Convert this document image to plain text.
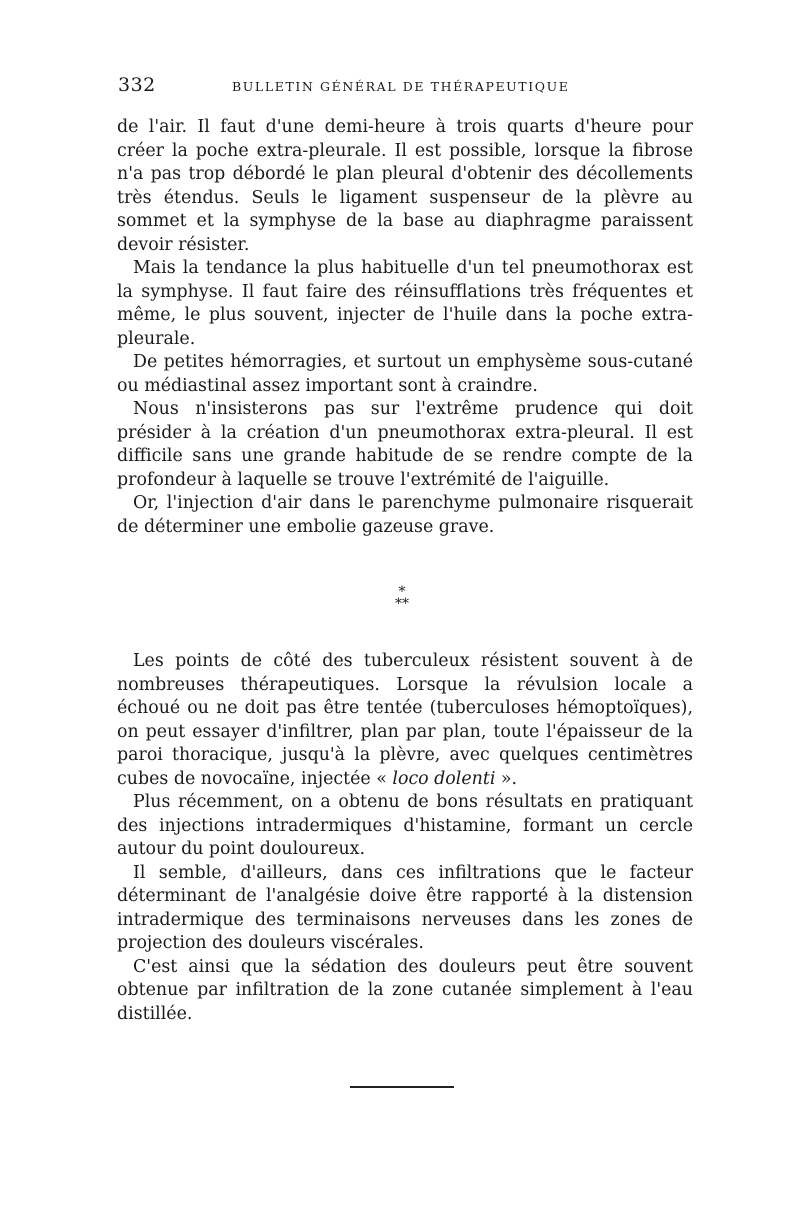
332	BULLETIN GÉNÉRAL DE THÉRAPEUTIQUE

de l'air. Il faut d'une demi-heure à trois quarts d'heure pour créer la poche extra-pleurale. Il est possible, lorsque la fibrose n'a pas trop débordé le plan pleural d'obtenir des décollements très étendus. Seuls le ligament suspenseur de la plèvre au sommet et la symphyse de la base au diaphragme paraissent devoir résister.

Mais la tendance la plus habituelle d'un tel pneumothorax est la symphyse. Il faut faire des réinsufflations très fréquentes et même, le plus souvent, injecter de l'huile dans la poche extra-pleurale.

De petites hémorragies, et surtout un emphysème sous-cutané ou médiastinal assez important sont à craindre.

Nous n'insisterons pas sur l'extrême prudence qui doit présider à la création d'un pneumothorax extra-pleural. Il est difficile sans une grande habitude de se rendre compte de la profondeur à laquelle se trouve l'extrémité de l'aiguille.

Or, l'injection d'air dans le parenchyme pulmonaire risquerait de déterminer une embolie gazeuse grave.

*
**

Les points de côté des tuberculeux résistent souvent à de nombreuses thérapeutiques. Lorsque la révulsion locale a échoué ou ne doit pas être tentée (tuberculoses hémoptoïques), on peut essayer d'infiltrer, plan par plan, toute l'épaisseur de la paroi thoracique, jusqu'à la plèvre, avec quelques centimètres cubes de novocaïne, injectée « loco dolenti ».

Plus récemment, on a obtenu de bons résultats en pratiquant des injections intradermiques d'histamine, formant un cercle autour du point douloureux.

Il semble, d'ailleurs, dans ces infiltrations que le facteur déterminant de l'analgésie doive être rapporté à la distension intradermique des terminaisons nerveuses dans les zones de projection des douleurs viscérales.

C'est ainsi que la sédation des douleurs peut être souvent obtenue par infiltration de la zone cutanée simplement à l'eau distillée.
